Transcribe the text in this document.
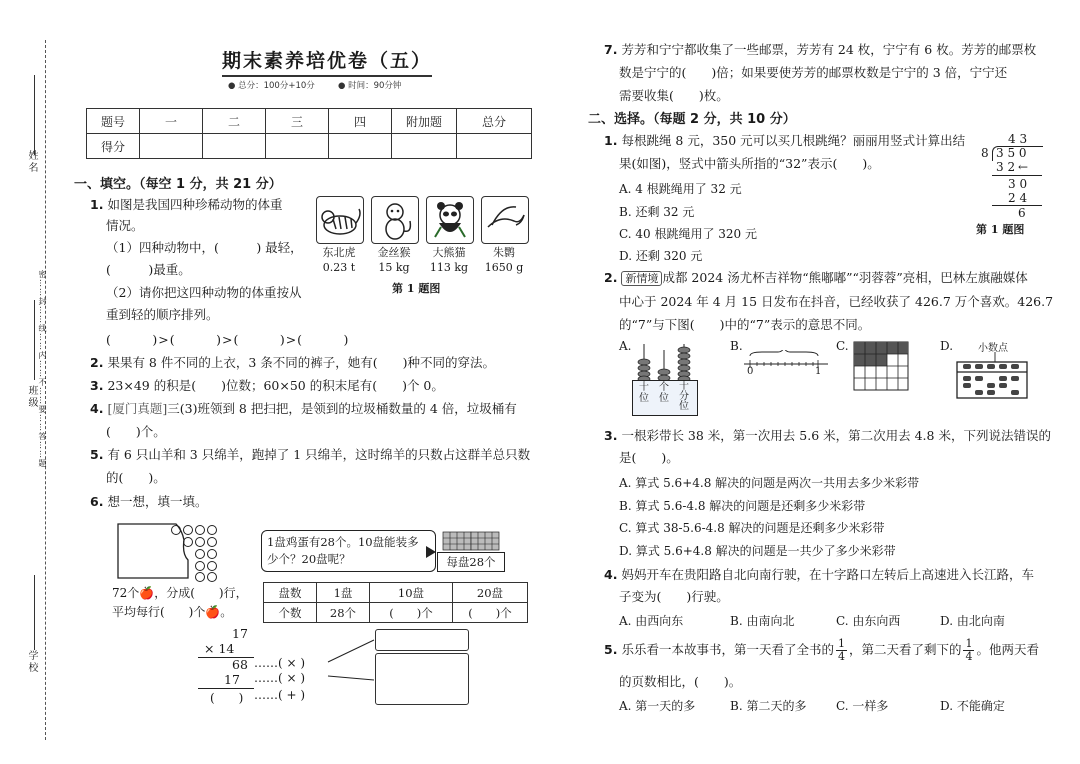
姓名
班级 密……封……线……内……不……要……答……题
学校
期末素养培优卷（五）
● 总分：100分+10分	● 时间：90分钟
题号	一	二	三	四	附加题	总分
得分						
一、填空。（每空 1 分，共 21 分）
1. 如图是我国四种珍稀动物的体重
情况。
（1）四种动物中，(　　　) 最轻，
(　　　)最重。
（2）请你把这四种动物的体重按从
重到轻的顺序排列。
(　　　)>(　　　)>(　　　)>(　　　)
东北虎
0.23 t
金丝猴
15 kg
大熊猫
113 kg
朱鹮
1650 g
第 1 题图
2. 果果有 8 件不同的上衣，3 条不同的裤子，她有(　　)种不同的穿法。
3. 23×49 的积是(　　)位数；60×50 的积末尾有(　　)个 0。
4. [厦门真题]三(3)班领到 8 把扫把，是领到的垃圾桶数量的 4 倍，垃圾桶有
(　　)个。
5. 有 6 只山羊和 3 只绵羊，跑掉了 1 只绵羊，这时绵羊的只数占这群羊总只数
的(　　)。
6. 想一想，填一填。
72个🍎，分成(　　)行，
平均每行(　　)个🍎。
1盘鸡蛋有28个。10盘能装多少个？20盘呢？	每盘28个
盘数	1盘	10盘	20盘
个数	28个	(　　)个	(　　)个
17
× 14
68 ……( × )
17 ……( × )
(　　) ……( + )
7. 芳芳和宁宁都收集了一些邮票，芳芳有 24 枚，宁宁有 6 枚。芳芳的邮票枚
数是宁宁的(　　)倍；如果要使芳芳的邮票枚数是宁宁的 3 倍，宁宁还
需要收集(　　)枚。
二、选择。（每题 2 分，共 10 分）
1. 每根跳绳 8 元，350 元可以买几根跳绳？丽丽用竖式计算出结
果(如图)，竖式中箭头所指的“32”表示(　　)。
A. 4 根跳绳用了 32 元
B. 还剩 32 元
C. 40 根跳绳用了 320 元
D. 还剩 320 元
4 3
8 3 5 0
3 2 ←
3 0
2 4
6
第 1 题图
2. 新情境 成都 2024 汤尤杯吉祥物“熊嘟嘟”“羽蓉蓉”亮相，巴林左旗融媒体
中心于 2024 年 4 月 15 日发布在抖音，已经收获了 426.7 万个喜欢。426.7
的“7”与下图(　　)中的“7”表示的意思不同。
A.
十位
个位
十分位
B.
0	1
C.	D. 小数点
3. 一根彩带长 38 米，第一次用去 5.6 米，第二次用去 4.8 米，下列说法错误的
是(　　)。
A. 算式 5.6+4.8 解决的问题是两次一共用去多少米彩带
B. 算式 5.6-4.8 解决的问题是还剩多少米彩带
C. 算式 38-5.6-4.8 解决的问题是还剩多少米彩带
D. 算式 5.6+4.8 解决的问题是一共少了多少米彩带
4. 妈妈开车在贵阳路自北向南行驶，在十字路口左转后上高速进入长江路，车
子变为(　　)行驶。
A. 由西向东	B. 由南向北	C. 由东向西	D. 由北向南
5. 乐乐看一本故事书，第一天看了全书的 $\frac{1}{4}$ ，第二天看了剩下的 $\frac{1}{4}$ 。他两天看
的页数相比，(　　)。
A. 第一天的多	B. 第二天的多 C. 一样多	D. 不能确定
